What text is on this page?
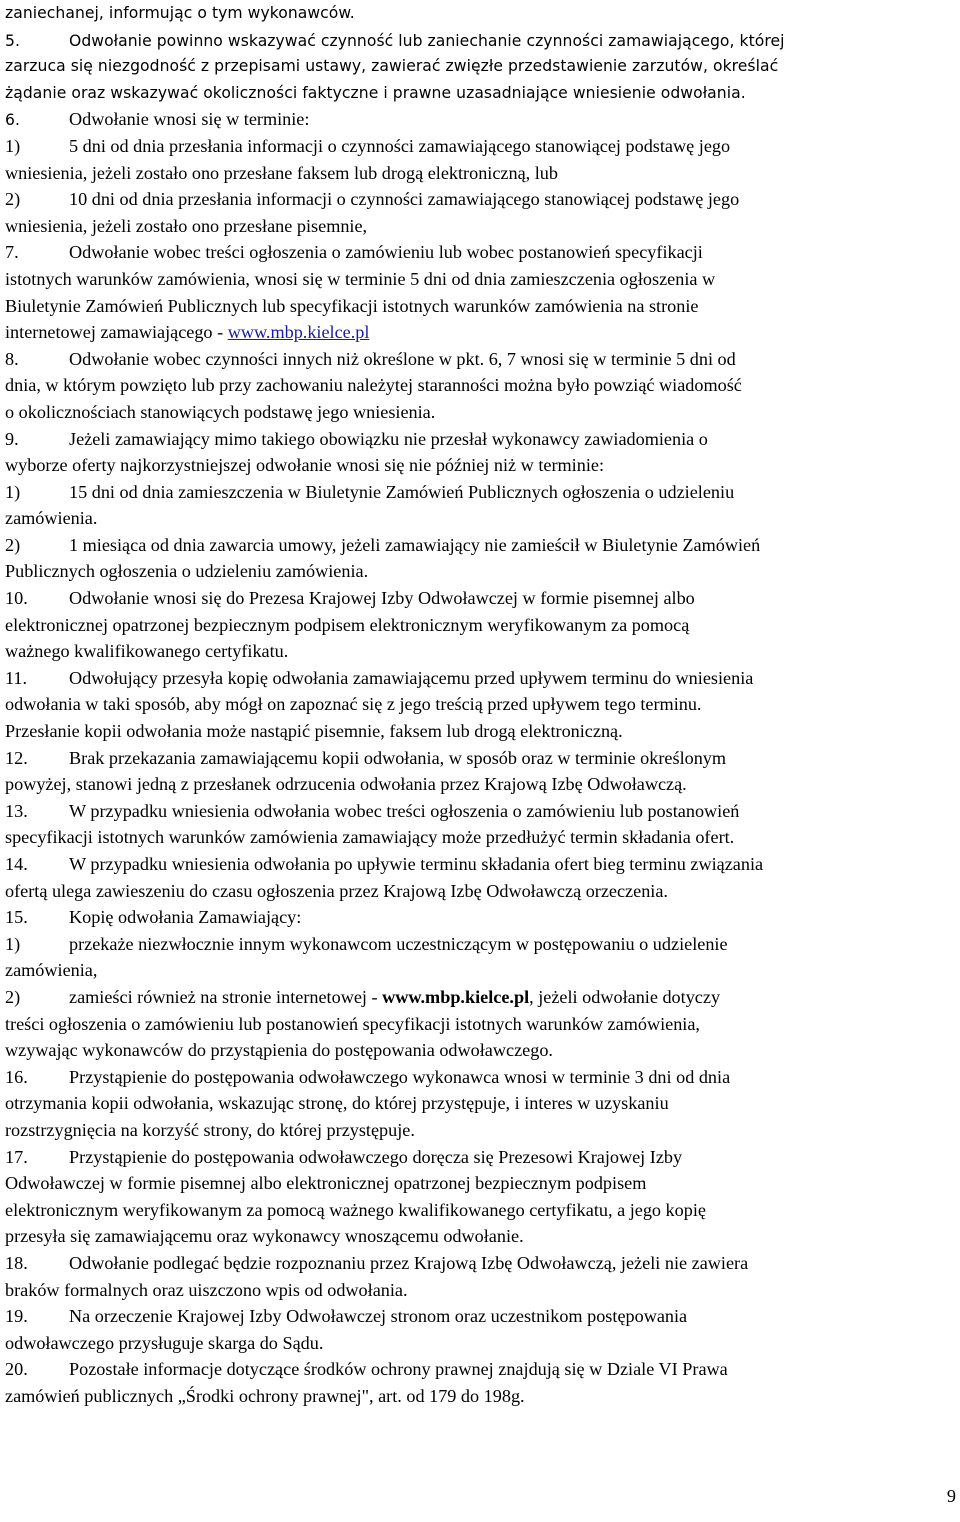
zaniechanej, informując o tym wykonawców.
5.	Odwołanie powinno wskazywać czynność lub zaniechanie czynności zamawiającego, której
zarzuca się niezgodność z przepisami ustawy, zawierać zwięzłe przedstawienie zarzutów, określać
żądanie oraz wskazywać okoliczności faktyczne i prawne uzasadniające wniesienie odwołania.
6.	Odwołanie wnosi się w terminie:
1)	5 dni od dnia przesłania informacji o czynności zamawiającego stanowiącej podstawę jego
wniesienia, jeżeli zostało ono przesłane faksem lub drogą elektroniczną, lub
2)	10 dni od dnia przesłania informacji o czynności zamawiającego stanowiącej podstawę jego
wniesienia, jeżeli zostało ono przesłane pisemnie,
7.	Odwołanie wobec treści ogłoszenia o zamówieniu lub wobec postanowień specyfikacji
istotnych warunków zamówienia, wnosi się w terminie 5 dni od dnia zamieszczenia ogłoszenia w
Biuletynie Zamówień Publicznych lub specyfikacji istotnych warunków zamówienia na stronie
internetowej zamawiającego - www.mbp.kielce.pl
8.	Odwołanie wobec czynności innych niż określone w pkt. 6, 7 wnosi się w terminie 5 dni od
dnia, w którym powzięto lub przy zachowaniu należytej staranności można było powziąć wiadomość
o okolicznościach stanowiących podstawę jego wniesienia.
9.	Jeżeli zamawiający mimo takiego obowiązku nie przesłał wykonawcy zawiadomienia o
wyborze oferty najkorzystniejszej odwołanie wnosi się nie później niż w terminie:
1)	15 dni od dnia zamieszczenia w Biuletynie Zamówień Publicznych ogłoszenia o udzieleniu
zamówienia.
2)	1 miesiąca od dnia zawarcia umowy, jeżeli zamawiający nie zamieścił w Biuletynie Zamówień
Publicznych ogłoszenia o udzieleniu zamówienia.
10. Odwołanie wnosi się do Prezesa Krajowej Izby Odwoławczej w formie pisemnej albo
elektronicznej opatrzonej bezpiecznym podpisem elektronicznym weryfikowanym za pomocą
ważnego kwalifikowanego certyfikatu.
11. Odwołujący przesyła kopię odwołania zamawiającemu przed upływem terminu do wniesienia
odwołania w taki sposób, aby mógł on zapoznać się z jego treścią przed upływem tego terminu.
Przesłanie kopii odwołania może nastąpić pisemnie, faksem lub drogą elektroniczną.
12. Brak przekazania zamawiającemu kopii odwołania, w sposób oraz w terminie określonym
powyżej, stanowi jedną z przesłanek odrzucenia odwołania przez Krajową Izbę Odwoławczą.
13. W przypadku wniesienia odwołania wobec treści ogłoszenia o zamówieniu lub postanowień
specyfikacji istotnych warunków zamówienia zamawiający może przedłużyć termin składania ofert.
14. W przypadku wniesienia odwołania po upływie terminu składania ofert bieg terminu związania
ofertą ulega zawieszeniu do czasu ogłoszenia przez Krajową Izbę Odwoławczą orzeczenia.
15. Kopię odwołania Zamawiający:
1)	przekaże niezwłocznie innym wykonawcom uczestniczącym w postępowaniu o udzielenie
zamówienia,
2)	zamieści również na stronie internetowej - www.mbp.kielce.pl, jeżeli odwołanie dotyczy
treści ogłoszenia o zamówieniu lub postanowień specyfikacji istotnych warunków zamówienia,
wzywając wykonawców do przystąpienia do postępowania odwoławczego.
16. Przystąpienie do postępowania odwoławczego wykonawca wnosi w terminie 3 dni od dnia
otrzymania kopii odwołania, wskazując stronę, do której przystępuje, i interes w uzyskaniu
rozstrzygnięcia na korzyść strony, do której przystępuje.
17. Przystąpienie do postępowania odwoławczego doręcza się Prezesowi Krajowej Izby
Odwoławczej w formie pisemnej albo elektronicznej opatrzonej bezpiecznym podpisem
elektronicznym weryfikowanym za pomocą ważnego kwalifikowanego certyfikatu, a jego kopię
przesyła się zamawiającemu oraz wykonawcy wnoszącemu odwołanie.
18. Odwołanie podlegać będzie rozpoznaniu przez Krajową Izbę Odwoławczą, jeżeli nie zawiera
braków formalnych oraz uiszczono wpis od odwołania.
19. Na orzeczenie Krajowej Izby Odwoławczej stronom oraz uczestnikom postępowania
odwoławczego przysługuje skarga do Sądu.
20. Pozostałe informacje dotyczące środków ochrony prawnej znajdują się w Dziale VI Prawa
zamówień publicznych „Środki ochrony prawnej", art. od 179 do 198g.
9
